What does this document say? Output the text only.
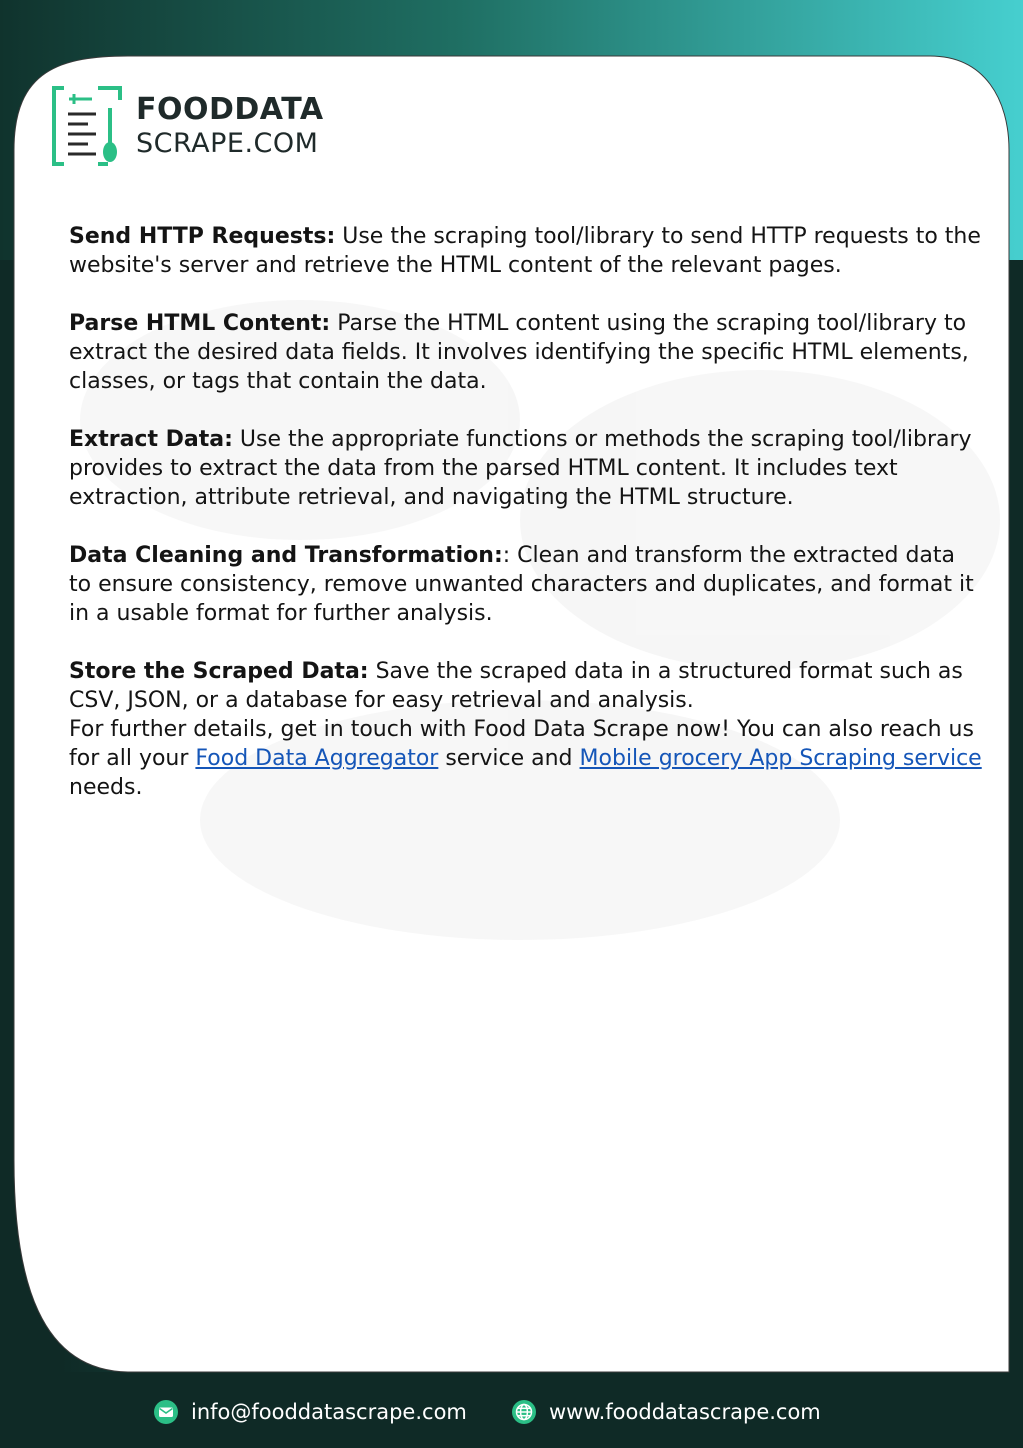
FOODDATA
SCRAPE.COM

Send HTTP Requests: Use the scraping tool/library to send HTTP requests to the website's server and retrieve the HTML content of the relevant pages.

Parse HTML Content: Parse the HTML content using the scraping tool/library to extract the desired data fields. It involves identifying the specific HTML elements, classes, or tags that contain the data.

Extract Data: Use the appropriate functions or methods the scraping tool/library provides to extract the data from the parsed HTML content. It includes text extraction, attribute retrieval, and navigating the HTML structure.

Data Cleaning and Transformation:: Clean and transform the extracted data to ensure consistency, remove unwanted characters and duplicates, and format it in a usable format for further analysis.

Store the Scraped Data: Save the scraped data in a structured format such as CSV, JSON, or a database for easy retrieval and analysis.
For further details, get in touch with Food Data Scrape now! You can also reach us for all your Food Data Aggregator service and Mobile grocery App Scraping service needs.

info@fooddatascrape.com	www.fooddatascrape.com
